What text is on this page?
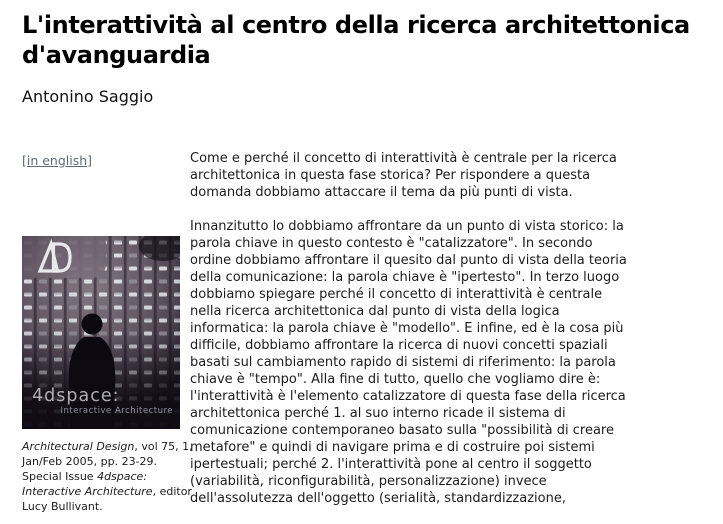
L'interattività al centro della ricerca architettonica d'avanguardia
Antonino Saggio
[in english]
4dspace:
Interactive Architecture
Architectural Design, vol 75, 1, Jan/Feb 2005, pp. 23-29. Special Issue 4dspace: Interactive Architecture, editor Lucy Bullivant.

Come e perché il concetto di interattività è centrale per la ricerca architettonica in questa fase storica? Per rispondere a questa domanda dobbiamo attaccare il tema da più punti di vista.

Innanzitutto lo dobbiamo affrontare da un punto di vista storico: la parola chiave in questo contesto è "catalizzatore". In secondo ordine dobbiamo affrontare il quesito dal punto di vista della teoria della comunicazione: la parola chiave è "ipertesto". In terzo luogo dobbiamo spiegare perché il concetto di interattività è centrale nella ricerca architettonica dal punto di vista della logica informatica: la parola chiave è "modello". E infine, ed è la cosa più difficile, dobbiamo affrontare la ricerca di nuovi concetti spaziali basati sul cambiamento rapido di sistemi di riferimento: la parola chiave è "tempo". Alla fine di tutto, quello che vogliamo dire è: l'interattività è l'elemento catalizzatore di questa fase della ricerca architettonica perché 1. al suo interno ricade il sistema di comunicazione contemporaneo basato sulla "possibilità di creare metafore" e quindi di navigare prima e di costruire poi sistemi ipertestuali; perché 2. l'interattività pone al centro il soggetto (variabilità, riconfigurabilità, personalizzazione) invece dell'assolutezza dell'oggetto (serialità, standardizzazione,
